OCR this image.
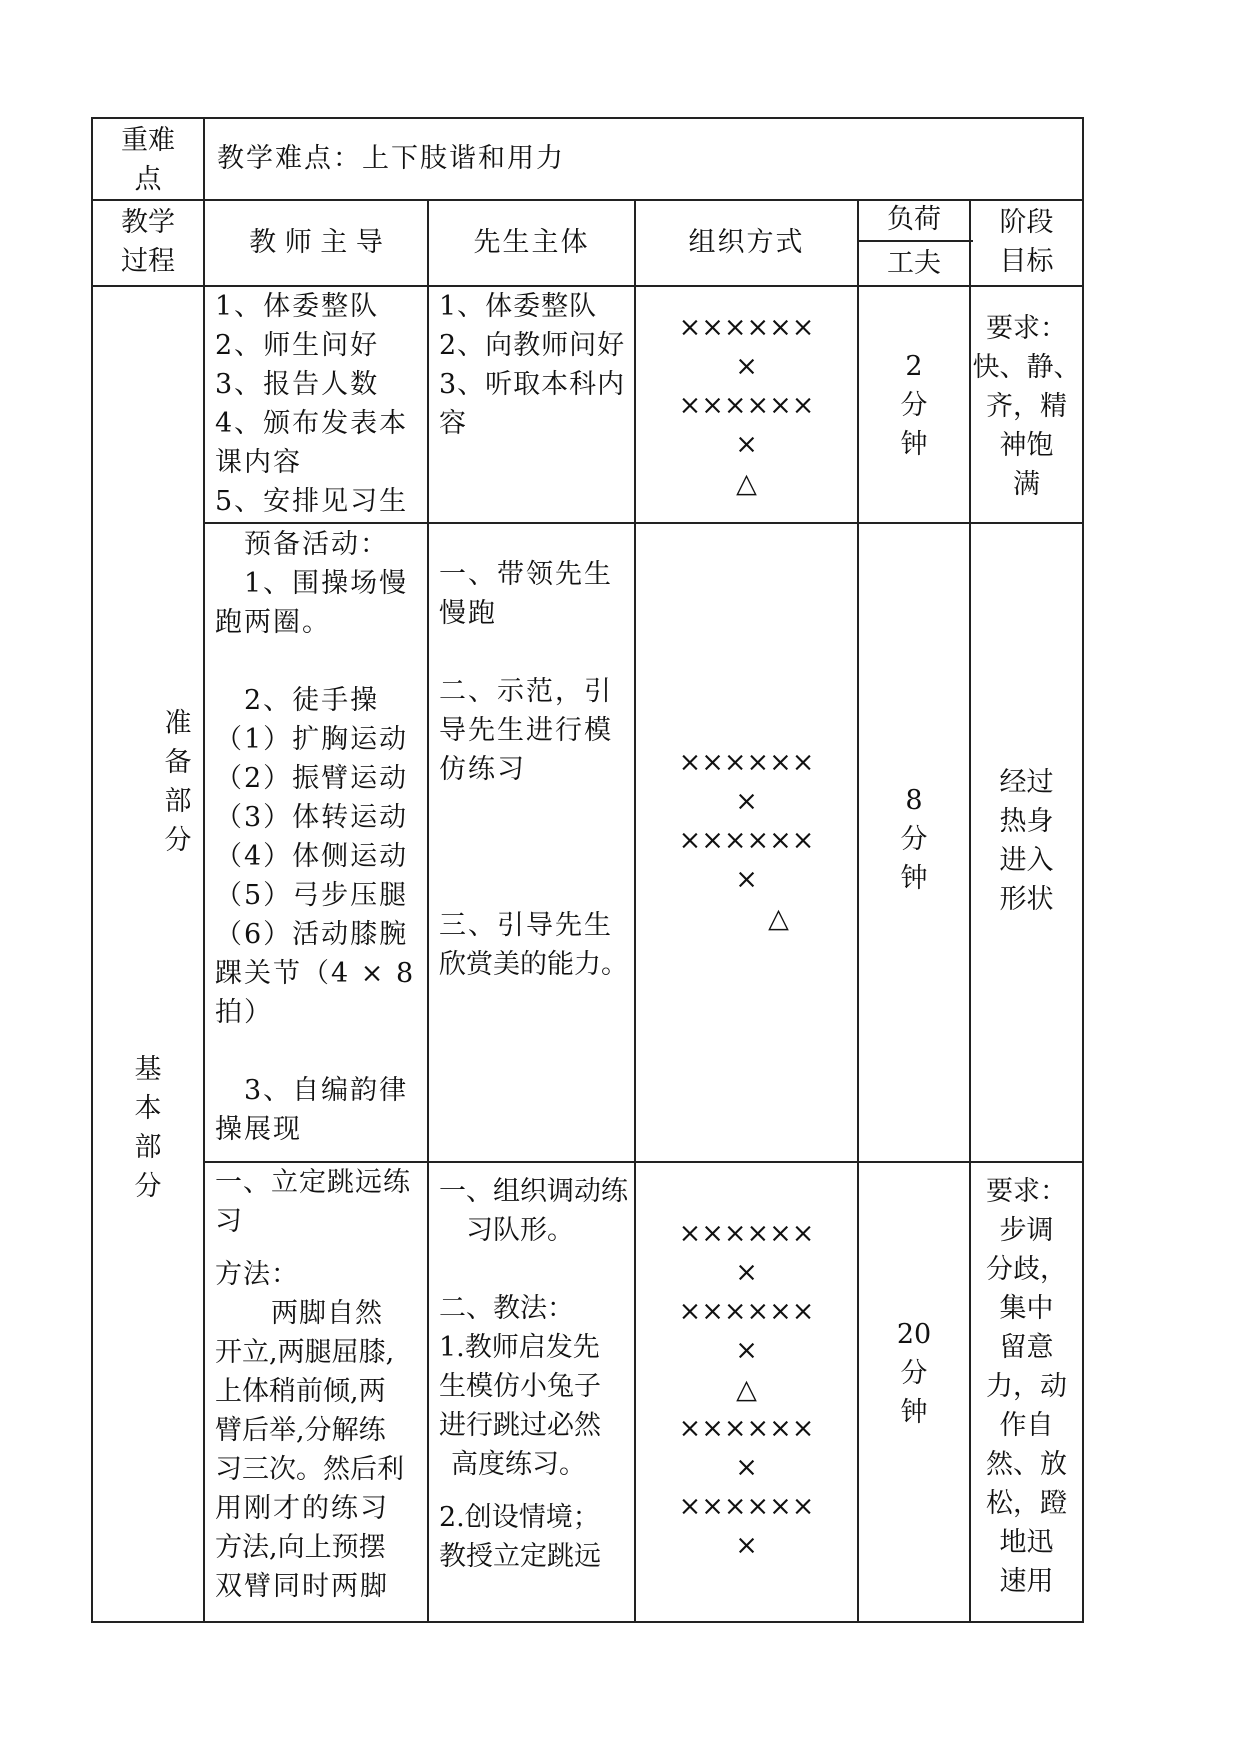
重难
点
教学难点：上下肢谐和用力
教学
过程
教 师 主 导	先生主体	组织方式
负荷
工夫
阶段
目标
准
备
部
分
基
本
部
分
1、体委整队
2、师生问好
3、报告人数
4、颁布发表本
课内容
5、安排见习生
1、体委整队
2、向教师问好
3、听取本科内
容
××××××
×
××××××
×
△
2
分
钟
要求：
快、静、
齐，精
神饱
满
　预备活动：
　1、围操场慢
跑两圈。
　2、徒手操
（1）扩胸运动
（2）振臂运动
（3）体转运动
（4）体侧运动
（5）弓步压腿
（6）活动膝腕
踝关节（4 × 8
拍）
　3、自编韵律
操展现
一、带领先生
慢跑
二、示范，引
导先生进行模
仿练习
三、引导先生
欣赏美的能力。
××××××
×
××××××
×
△
8
分
钟
经过
热身
进入
形状
一、立定跳远练
习
方法：
　　两脚自然
开立,两腿屈膝,
上体稍前倾,两
臂后举,分解练
习三次。然后利
用刚才的练习
方法,向上预摆
双臂同时两脚
一、组织调动练
　习队形。
二、教法：
1.教师启发先
生模仿小兔子
进行跳过必然
高度练习。
2.创设情境；
教授立定跳远
××××××
×
××××××
×
△
××××××
×
××××××
×
20
分
钟
要求：
步调
分歧，
集中
留意
力，动
作自
然、放
松，蹬
地迅
速用
